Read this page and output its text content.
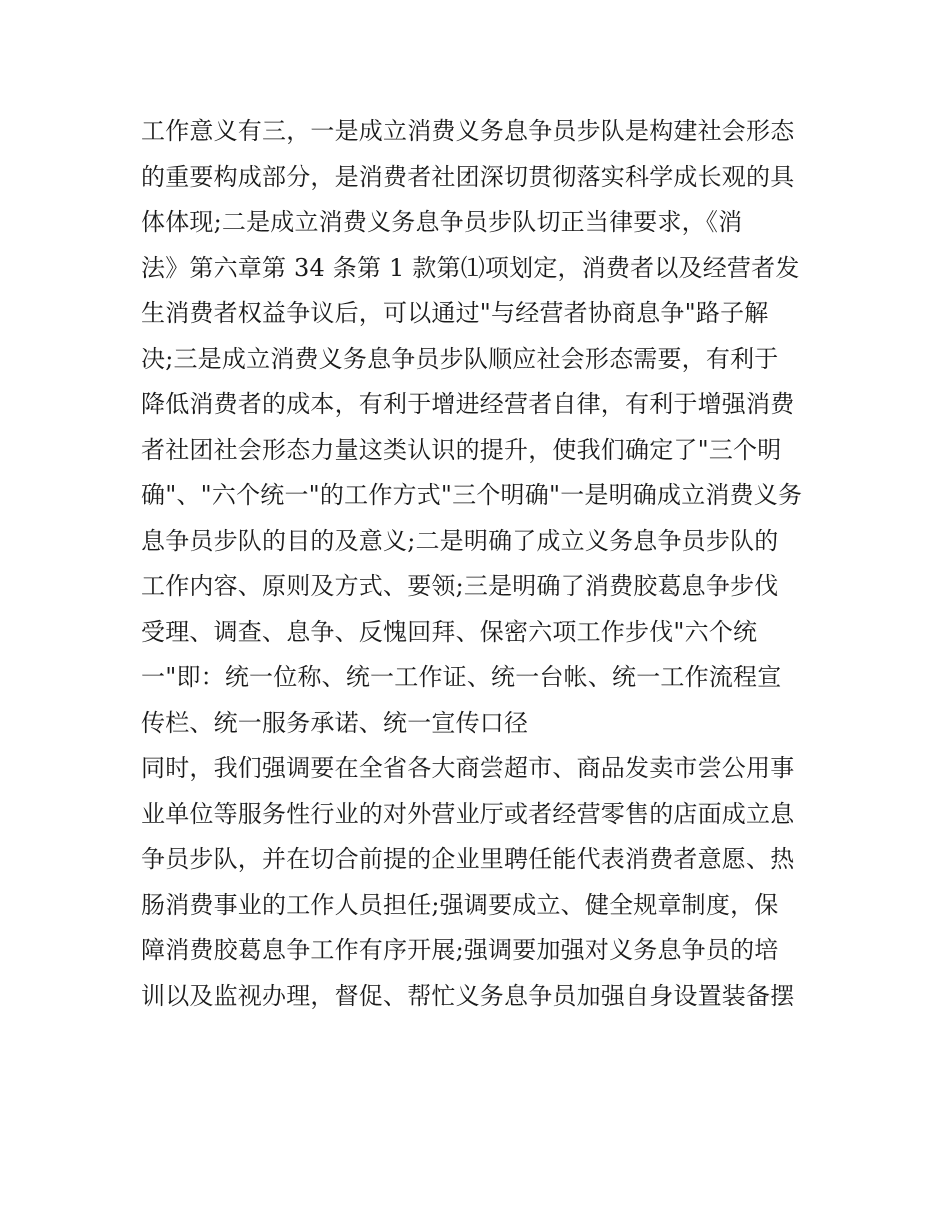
工作意义有三，一是成立消费义务息争员步队是构建社会形态
的重要构成部分，是消费者社团深切贯彻落实科学成长观的具
体体现;二是成立消费义务息争员步队切正当律要求，《消
法》第六章第 34 条第 1 款第⑴项划定，消费者以及经营者发
生消费者权益争议后，可以通过"与经营者协商息争"路子解
决;三是成立消费义务息争员步队顺应社会形态需要，有利于
降低消费者的成本，有利于增进经营者自律，有利于增强消费
者社团社会形态力量这类认识的提升，使我们确定了"三个明
确"、"六个统一"的工作方式"三个明确"一是明确成立消费义务
息争员步队的目的及意义;二是明确了成立义务息争员步队的
工作内容、原则及方式、要领;三是明确了消费胶葛息争步伐
受理、调查、息争、反愧回拜、保密六项工作步伐"六个统
一"即：统一位称、统一工作证、统一台帐、统一工作流程宣
传栏、统一服务承诺、统一宣传口径
同时，我们强调要在全省各大商尝超市、商品发卖市尝公用事
业单位等服务性行业的对外营业厅或者经营零售的店面成立息
争员步队，并在切合前提的企业里聘任能代表消费者意愿、热
肠消费事业的工作人员担任;强调要成立、健全规章制度，保
障消费胶葛息争工作有序开展;强调要加强对义务息争员的培
训以及监视办理，督促、帮忙义务息争员加强自身设置装备摆
